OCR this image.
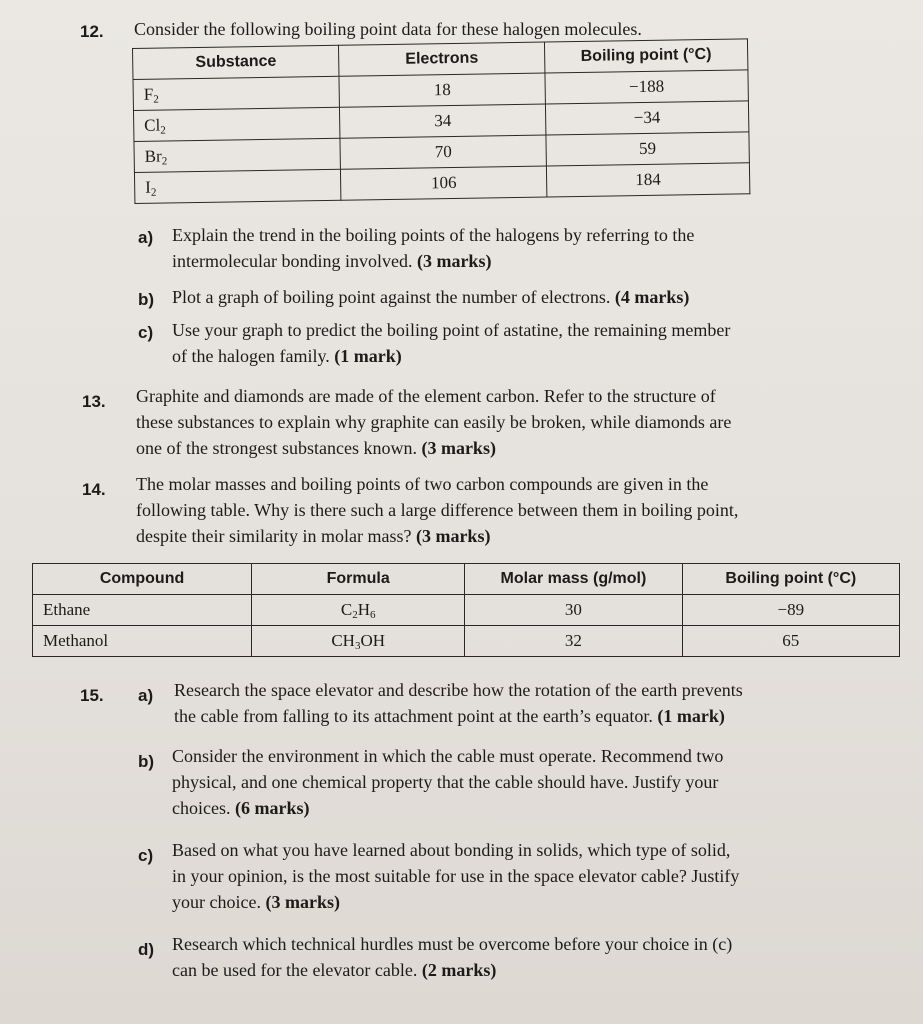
12. Consider the following boiling point data for these halogen molecules.
Substance	Electrons	Boiling point (°C)
$F_2$	18	−188
$Cl_2$	34	−34
$Br_2$	70	59
$I_2$	106	184
a) Explain the trend in the boiling points of the halogens by referring to the
intermolecular bonding involved. (3 marks)
b) Plot a graph of boiling point against the number of electrons. (4 marks)
c) Use your graph to predict the boiling point of astatine, the remaining member
of the halogen family. (1 mark)
13. Graphite and diamonds are made of the element carbon. Refer to the structure of
these substances to explain why graphite can easily be broken, while diamonds are
one of the strongest substances known. (3 marks)
14. The molar masses and boiling points of two carbon compounds are given in the
following table. Why is there such a large difference between them in boiling point,
despite their similarity in molar mass? (3 marks)
Compound	Formula	Molar mass (g/mol)	Boiling point (°C)
Ethane	$C_2H_6$	30	−89
Methanol	$CH_3OH$	32	65
15. a) Research the space elevator and describe how the rotation of the earth prevents
the cable from falling to its attachment point at the earth’s equator. (1 mark)
b) Consider the environment in which the cable must operate. Recommend two
physical, and one chemical property that the cable should have. Justify your
choices. (6 marks)
c) Based on what you have learned about bonding in solids, which type of solid,
in your opinion, is the most suitable for use in the space elevator cable? Justify
your choice. (3 marks)
d) Research which technical hurdles must be overcome before your choice in (c)
can be used for the elevator cable. (2 marks)
